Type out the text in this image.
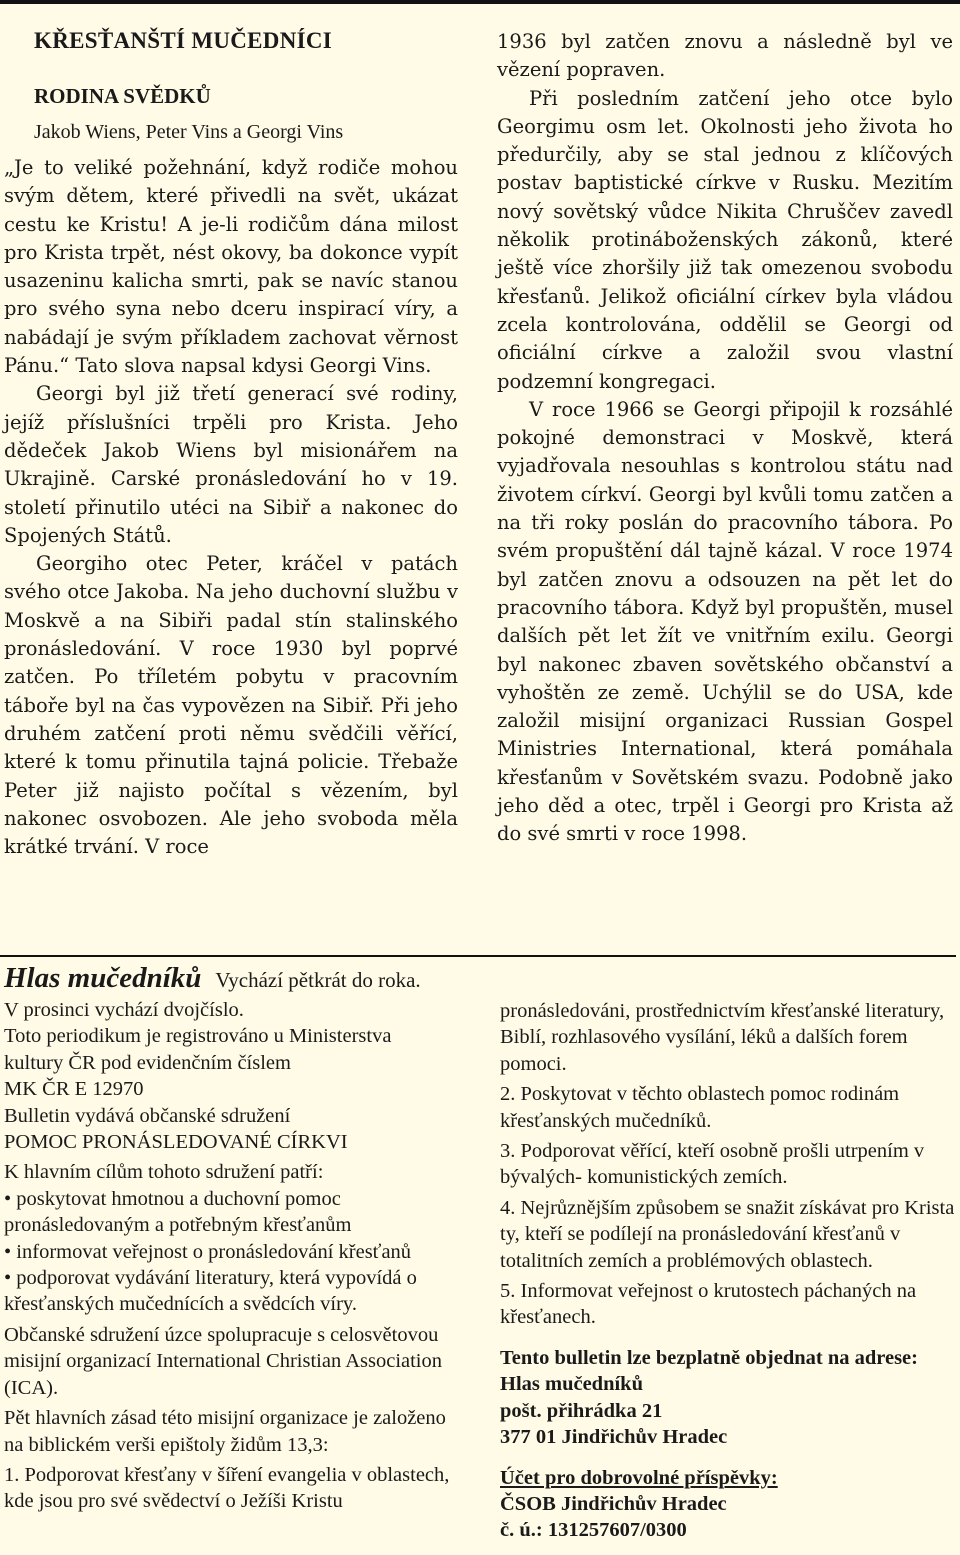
KŘESŤANŠTÍ MUČEDNÍCI
RODINA SVĚDKŮ
Jakob Wiens, Peter Vins a Georgi Vins

„Je to veliké požehnání, když rodiče mohou svým dětem, které přivedli na svět, ukázat cestu ke Kristu! A je-li rodičům dána milost pro Krista trpět, nést okovy, ba dokonce vypít usazeninu kalicha smrti, pak se navíc stanou pro svého syna nebo dceru inspirací víry, a nabádají je svým příkladem zachovat věrnost Pánu.“ Tato slova napsal kdysi Georgi Vins.

Georgi byl již třetí generací své rodiny, jejíž příslušníci trpěli pro Krista. Jeho dědeček Jakob Wiens byl misionářem na Ukrajině. Carské pronásledování ho v 19. století přinutilo utéci na Sibiř a nakonec do Spojených Států.

Georgiho otec Peter, kráčel v patách svého otce Jakoba. Na jeho duchovní službu v Moskvě a na Sibiři padal stín stalinského pronásledování. V roce 1930 byl poprvé zatčen. Po tříletém pobytu v pracovním táboře byl na čas vypovězen na Sibiř. Při jeho druhém zatčení proti němu svědčili věřící, které k tomu přinutila tajná policie. Třebaže Peter již najisto počítal s vězením, byl nakonec osvobozen. Ale jeho svoboda měla krátké trvání. V roce

1936 byl zatčen znovu a následně byl ve vězení popraven.

Při posledním zatčení jeho otce bylo Georgimu osm let. Okolnosti jeho života ho předurčily, aby se stal jednou z klíčových postav baptistické církve v Rusku. Mezitím nový sovětský vůdce Nikita Chruščev zavedl několik protináboženských zákonů, které ještě více zhoršily již tak omezenou svobodu křesťanů. Jelikož oficiální církev byla vládou zcela kontrolována, oddělil se Georgi od oficiální církve a založil svou vlastní podzemní kongregaci.

V roce 1966 se Georgi připojil k rozsáhlé pokojné demonstraci v Moskvě, která vyjadřovala nesouhlas s kontrolou státu nad životem církví. Georgi byl kvůli tomu zatčen a na tři roky poslán do pracovního tábora. Po svém propuštění dál tajně kázal. V roce 1974 byl zatčen znovu a odsouzen na pět let do pracovního tábora. Když byl propuštěn, musel dalších pět let žít ve vnitřním exilu. Georgi byl nakonec zbaven sovětského občanství a vyhoštěn ze země. Uchýlil se do USA, kde založil misijní organizaci Russian Gospel Ministries International, která pomáhala křesťanům v Sovětském svazu. Podobně jako jeho děd a otec, trpěl i Georgi pro Krista až do své smrti v roce 1998.

Hlas mučedníků Vychází pětkrát do roka.

V prosinci vychází dvojčíslo.
Toto periodikum je registrováno u Ministerstva
kultury ČR pod evidenčním číslem
MK ČR E 12970
Bulletin vydává občanské sdružení
POMOC PRONÁSLEDOVANÉ CÍRKVI

K hlavním cílům tohoto sdružení patří:
• poskytovat hmotnou a duchovní pomoc pronásledovaným a potřebným křesťanům
• informovat veřejnost o pronásledování křesťanů
• podporovat vydávání literatury, která vypovídá o křesťanských mučednících a svědcích víry.

Občanské sdružení úzce spolupracuje s celosvětovou misijní organizací International Christian Association (ICA).

Pět hlavních zásad této misijní organizace je založeno na biblickém verši epištoly židům 13,3:

1. Podporovat křesťany v šíření evangelia v oblastech, kde jsou pro své svědectví o Ježíši Kristu

pronásledováni, prostřednictvím křesťanské literatury, Biblí, rozhlasového vysílání, léků a dalších forem pomoci.

2. Poskytovat v těchto oblastech pomoc rodinám křesťanských mučedníků.

3. Podporovat věřící, kteří osobně prošli utrpením v bývalých- komunistických zemích.

4. Nejrůznějším způsobem se snažit získávat pro Krista ty, kteří se podílejí na pronásledování křesťanů v totalitních zemích a problémových oblastech.

5. Informovat veřejnost o krutostech páchaných na křesťanech.

Tento bulletin lze bezplatně objednat na adrese:
Hlas mučedníků
pošt. přihrádka 21
377 01 Jindřichův Hradec

Účet pro dobrovolné příspěvky:
ČSOB Jindřichův Hradec
č. ú.: 131257607/0300
